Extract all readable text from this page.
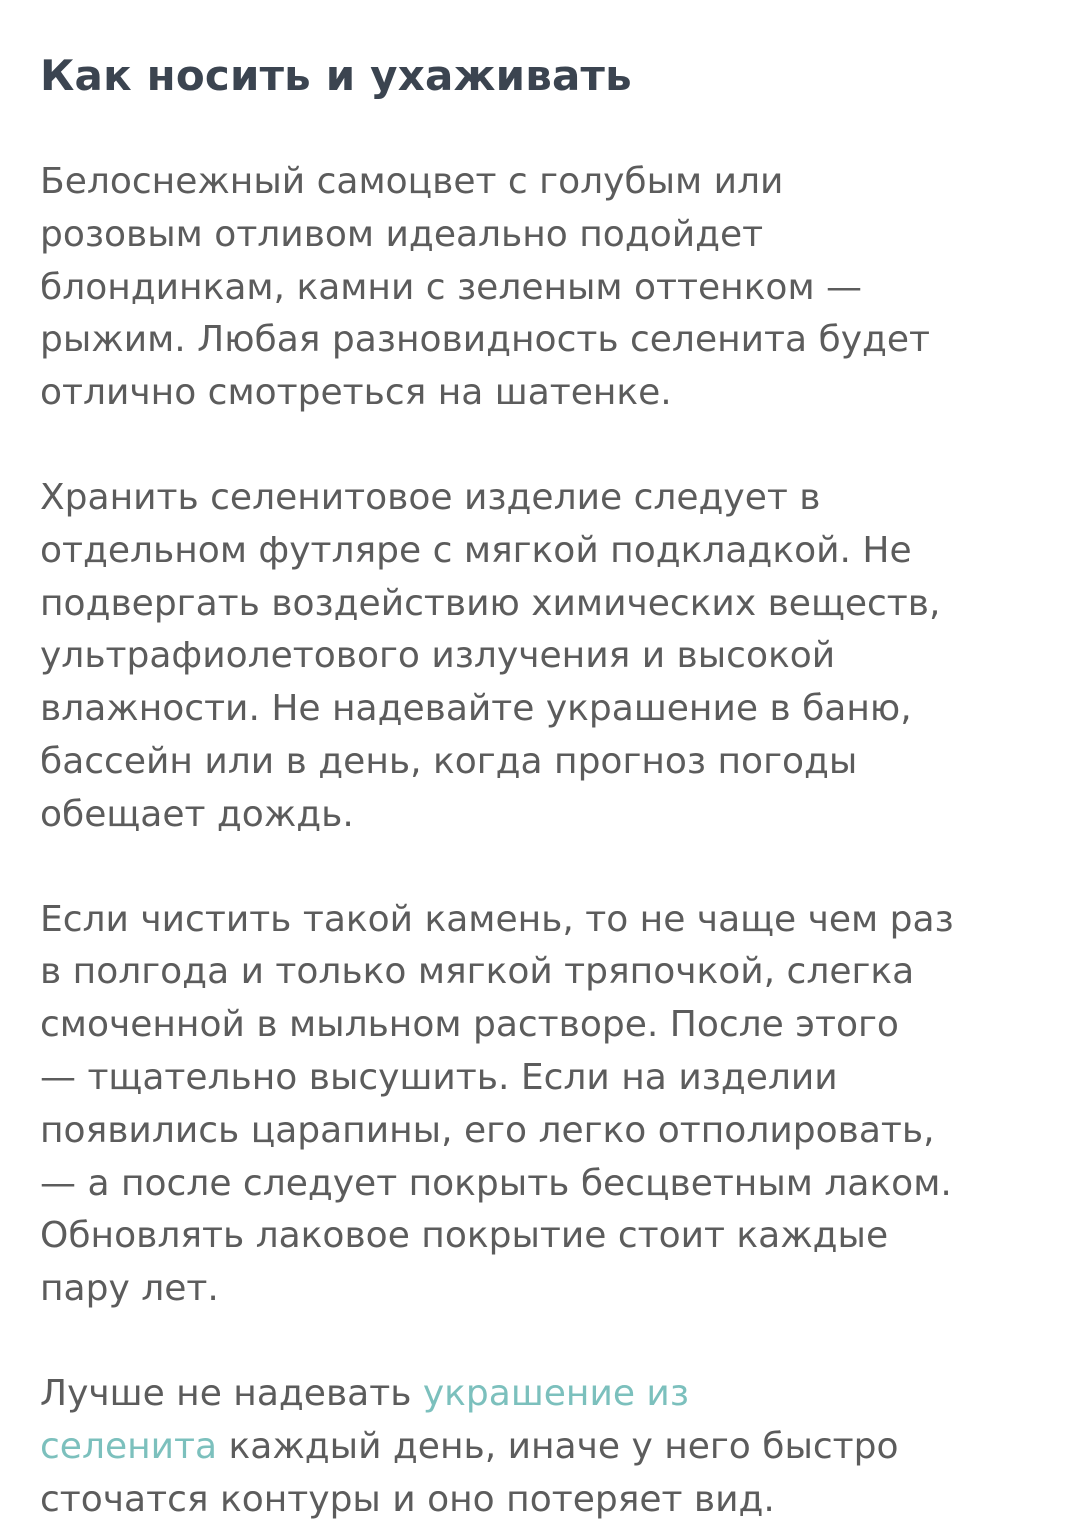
Как носить и ухаживать

Белоснежный самоцвет с голубым или
розовым отливом идеально подойдет
блондинкам, камни с зеленым оттенком —
рыжим. Любая разновидность селенита будет
отлично смотреться на шатенке.

Хранить селенитовое изделие следует в
отдельном футляре с мягкой подкладкой. Не
подвергать воздействию химических веществ,
ультрафиолетового излучения и высокой
влажности. Не надевайте украшение в баню,
бассейн или в день, когда прогноз погоды
обещает дождь.

Если чистить такой камень, то не чаще чем раз
в полгода и только мягкой тряпочкой, слегка
смоченной в мыльном растворе. После этого
— тщательно высушить. Если на изделии
появились царапины, его легко отполировать,
— а после следует покрыть бесцветным лаком.
Обновлять лаковое покрытие стоит каждые
пару лет.

Лучше не надевать украшение из
селенита каждый день, иначе у него быстро
сточатся контуры и оно потеряет вид.
